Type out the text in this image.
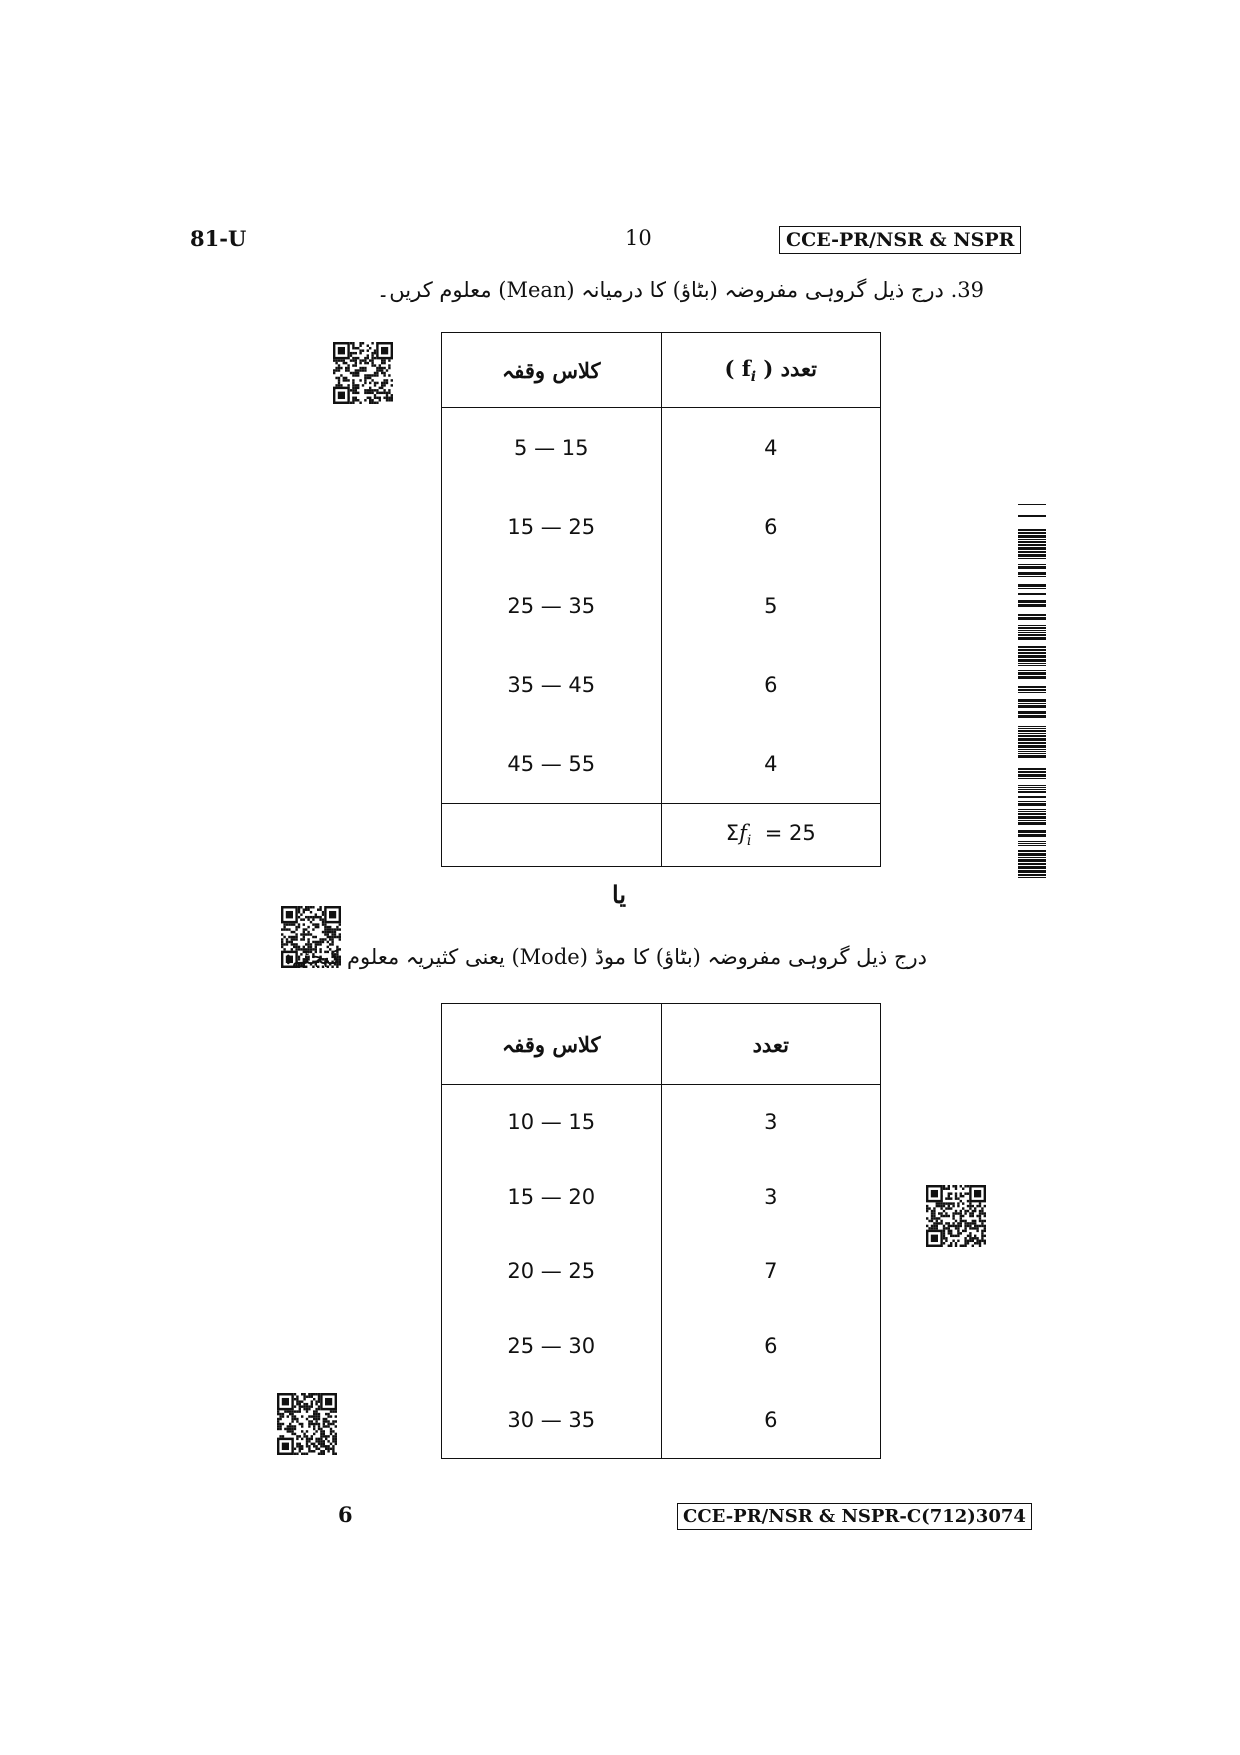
81-U	10	CCE-PR/NSR & NSPR
39. درج ذیل گروہی مفروضہ (بٹاؤ) کا درمیانہ (Mean) معلوم کریں۔
کلاس وقفہ	تعدد ( $f_i$ )
5 — 15	4
15 — 25	6
25 — 35	5
35 — 45	6
45 — 55	4
	$\Sigma f_i = 25$
یا
درج ذیل گروہی مفروضہ (بٹاؤ) کا موڈ (Mode) یعنی کثیریہ معلوم کیجئے:
کلاس وقفہ	تعدد
10 — 15	3
15 — 20	3
20 — 25	7
25 — 30	6
30 — 35	6
6	CCE-PR/NSR & NSPR-C(712)3074
